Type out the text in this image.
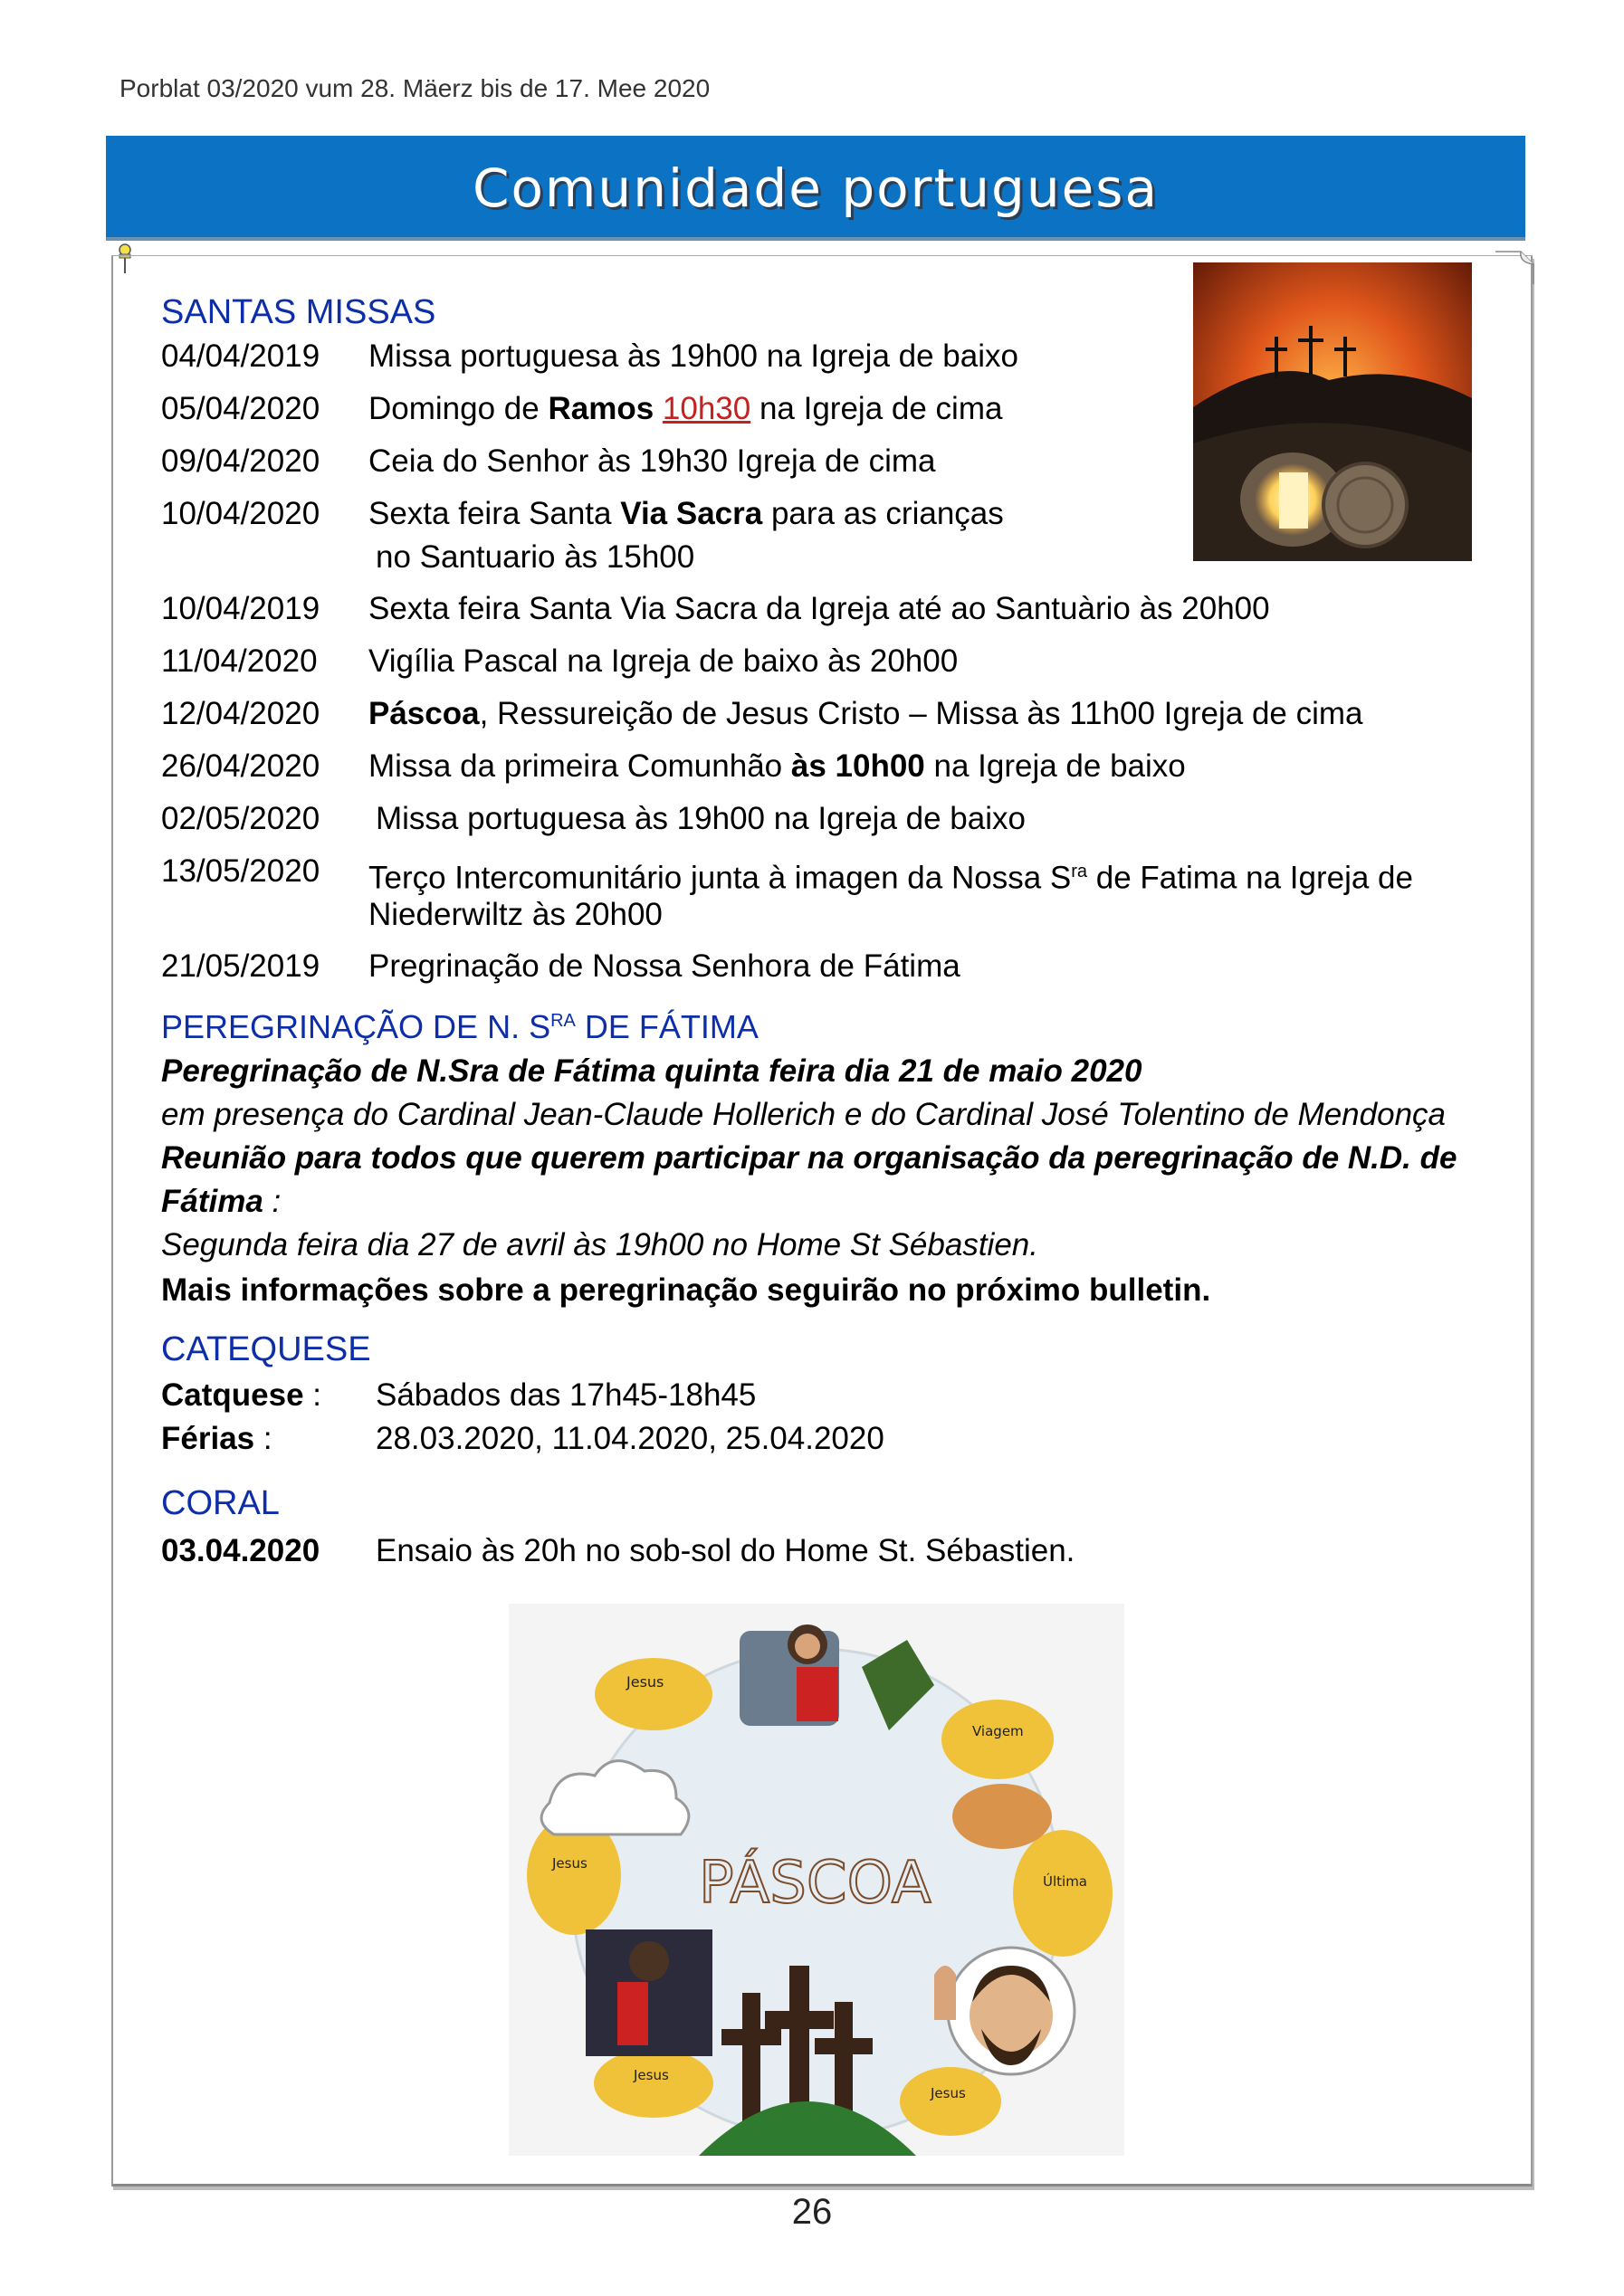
Porblat 03/2020 vum 28. Mäerz bis de 17. Mee 2020
Comunidade portuguesa
SANTAS MISSAS
04/04/2019 Missa portuguesa às 19h00 na Igreja de baixo
05/04/2020 Domingo de Ramos 10h30 na Igreja de cima
09/04/2020 Ceia do Senhor às 19h30 Igreja de cima
10/04/2020 Sexta feira Santa Via Sacra para as crianças
no Santuario às 15h00
10/04/2019 Sexta feira Santa Via Sacra da Igreja até ao Santuàrio às 20h00
11/04/2020 Vigília Pascal na Igreja de baixo às 20h00
12/04/2020 Páscoa, Ressureição de Jesus Cristo – Missa às 11h00 Igreja de cima
26/04/2020 Missa da primeira Comunhão às 10h00 na Igreja de baixo
02/05/2020 Missa portuguesa às 19h00 na Igreja de baixo
13/05/2020 Terço Intercomunitário junta à imagen da Nossa $S^{ra}$ de Fatima na Igreja de
Niederwiltz às 20h00
21/05/2019 Pregrinação de Nossa Senhora de Fátima
PEREGRINAÇÃO DE N. $S^{RA}$ DE FÁTIMA
Peregrinação de N.Sra de Fátima quinta feira dia 21 de maio 2020
em presença do Cardinal Jean-Claude Hollerich e do Cardinal José Tolentino de Mendonça
Reunião para todos que querem participar na organisação da peregrinação de N.D. de
Fátima :
Segunda feira dia 27 de avril às 19h00 no Home St Sébastien.
Mais informações sobre a peregrinação seguirão no próximo bulletin.
CATEQUESE
Catquese : Sábados das 17h45-18h45
Férias :	28.03.2020, 11.04.2020, 25.04.2020
CORAL
03.04.2020 Ensaio às 20h no sob-sol do Home St. Sébastien.
PÁSCOA
Jesus
Viagem
Última
Jesus
Jesus
Jesus
26
